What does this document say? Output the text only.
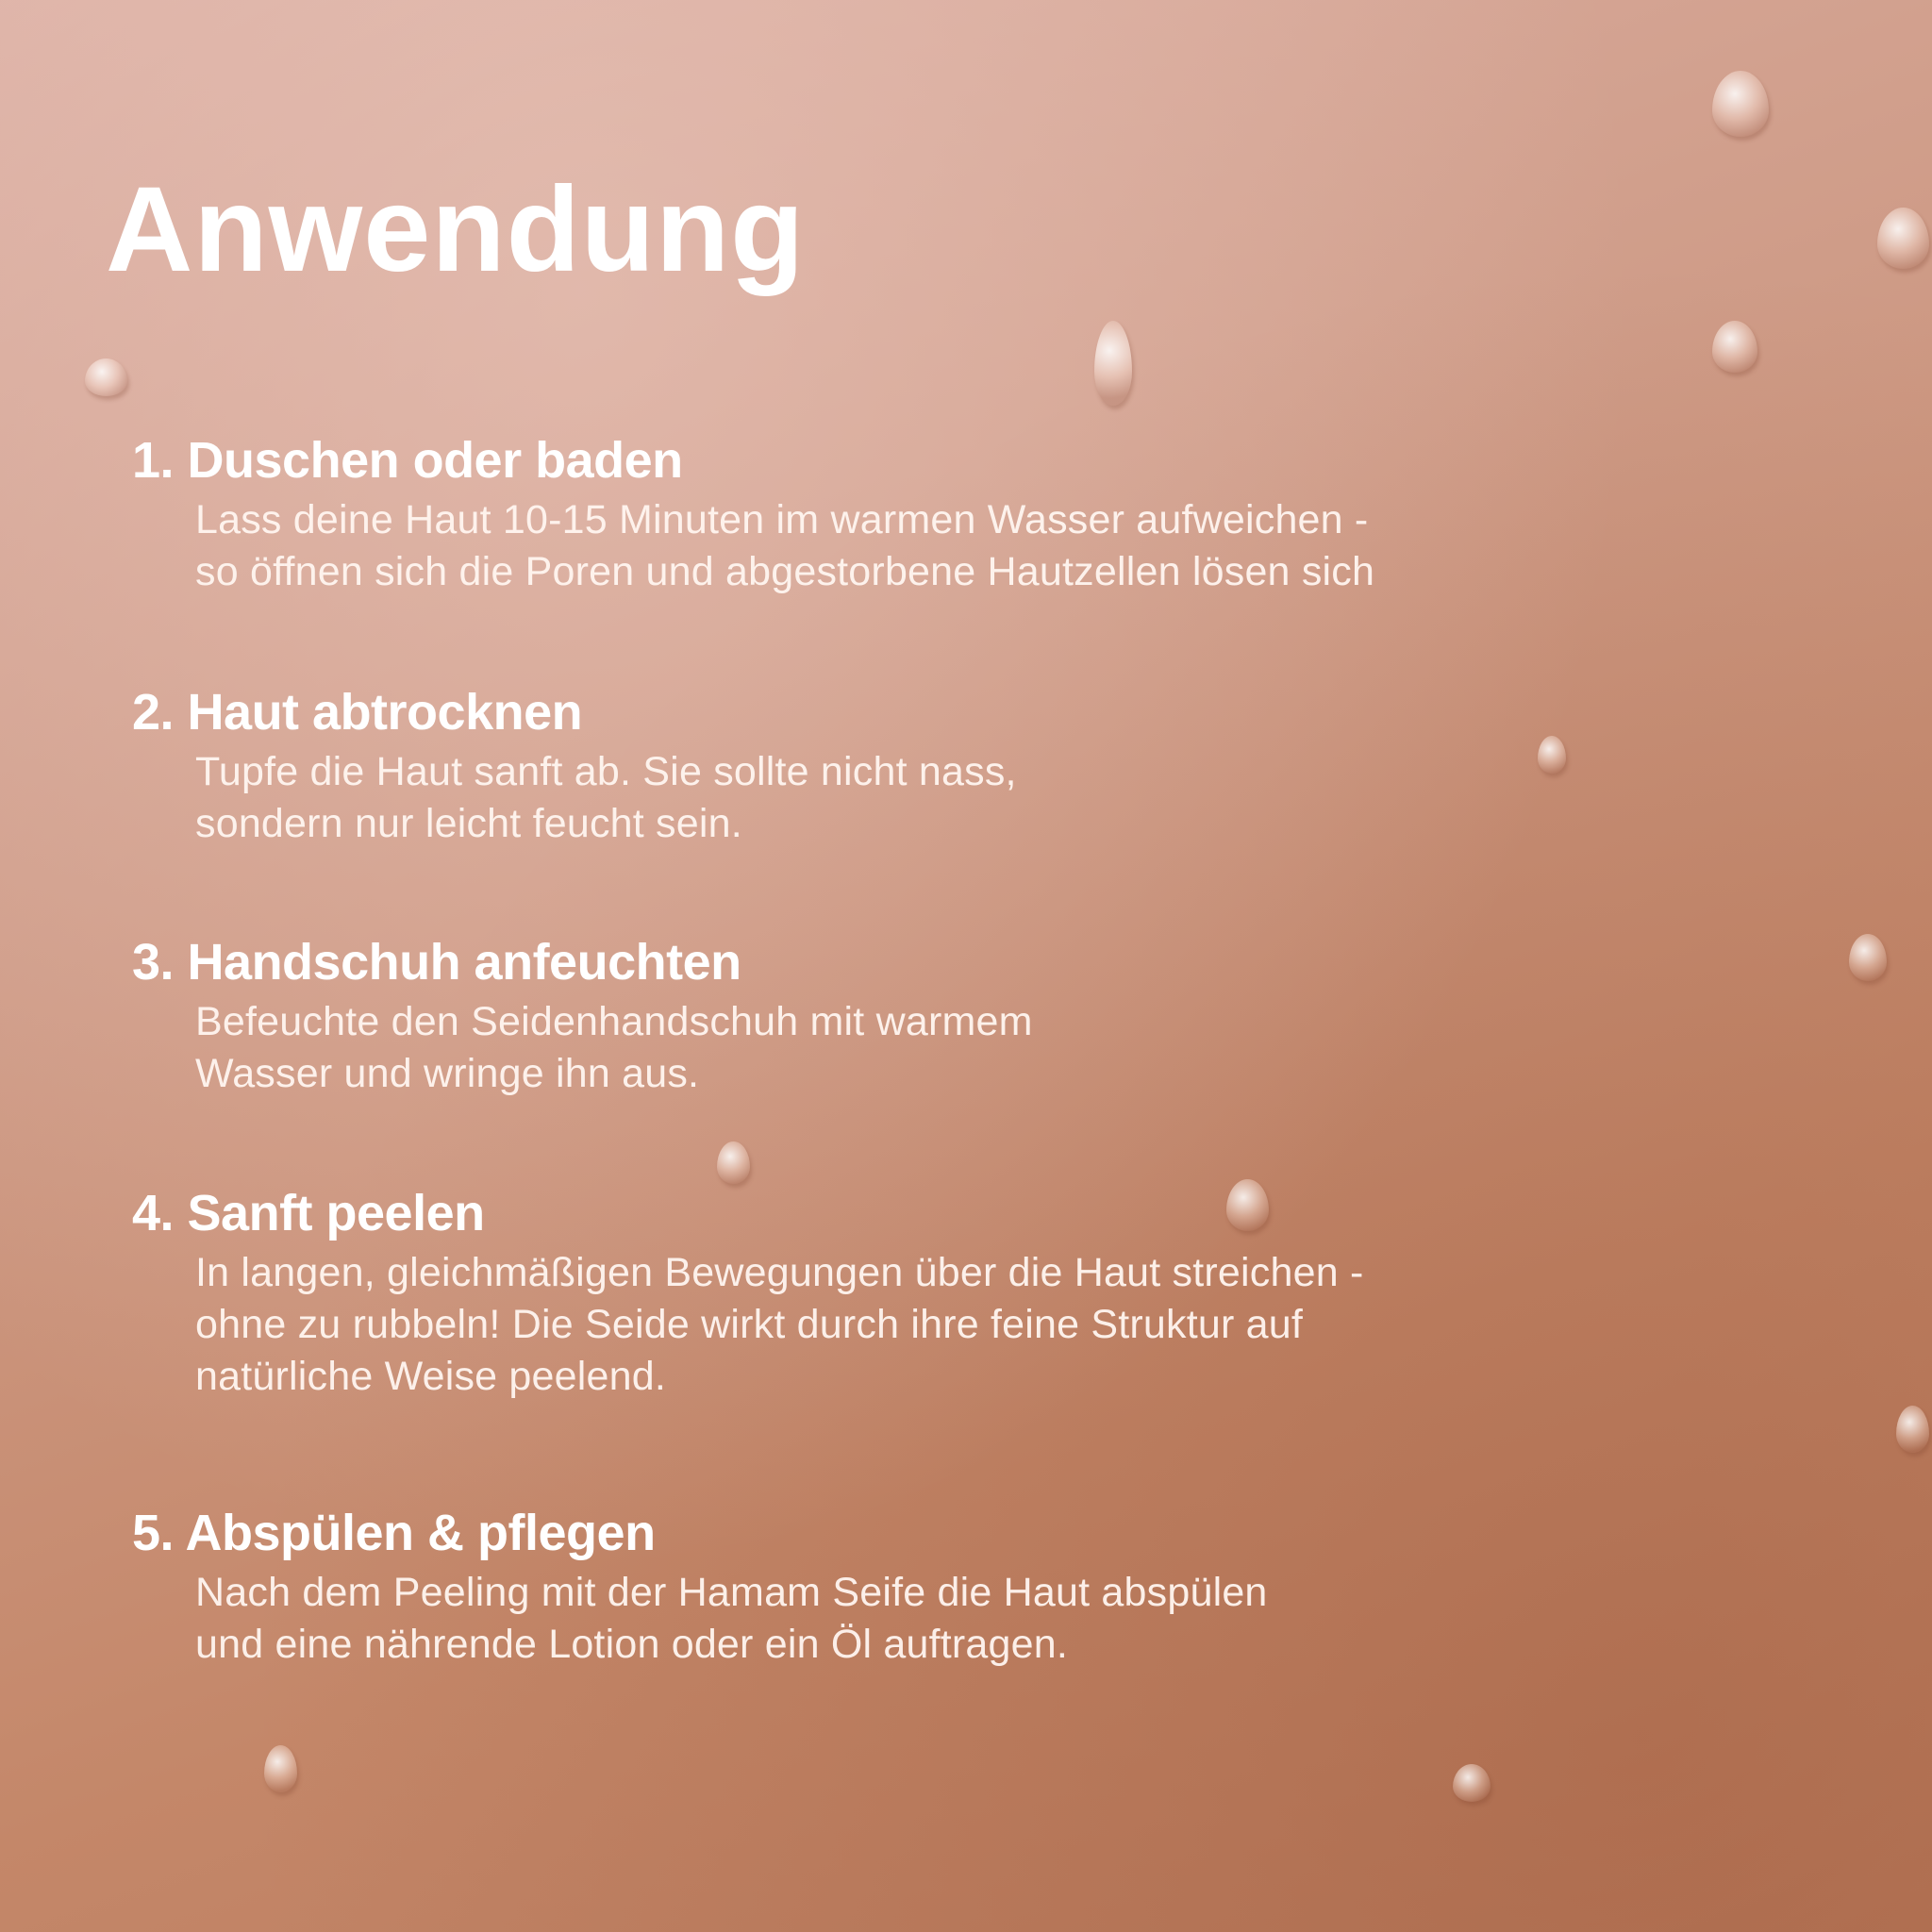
Anwendung
1. Duschen oder baden

Lass deine Haut 10-15 Minuten im warmen Wasser aufweichen -
so öffnen sich die Poren und abgestorbene Hautzellen lösen sich

2. Haut abtrocknen

Tupfe die Haut sanft ab. Sie sollte nicht nass,
sondern nur leicht feucht sein.

3. Handschuh anfeuchten

Befeuchte den Seidenhandschuh mit warmem
Wasser und wringe ihn aus.

4. Sanft peelen

In langen, gleichmäßigen Bewegungen über die Haut streichen -
ohne zu rubbeln! Die Seide wirkt durch ihre feine Struktur auf
natürliche Weise peelend.

5. Abspülen & pflegen

Nach dem Peeling mit der Hamam Seife die Haut abspülen
und eine nährende Lotion oder ein Öl auftragen.
